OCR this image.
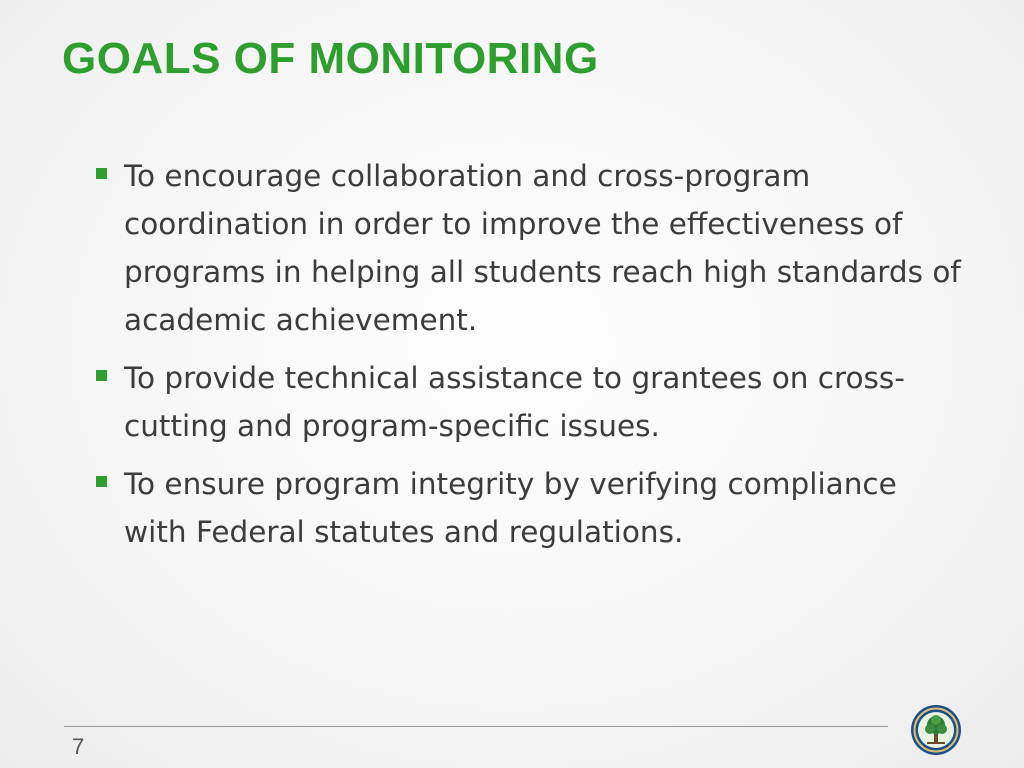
GOALS OF MONITORING
To encourage collaboration and cross-program coordination in order to improve the effectiveness of programs in helping all students reach high standards of academic achievement.
To provide technical assistance to grantees on cross-cutting and program-specific issues.
To ensure program integrity by verifying compliance with Federal statutes and regulations.
7
